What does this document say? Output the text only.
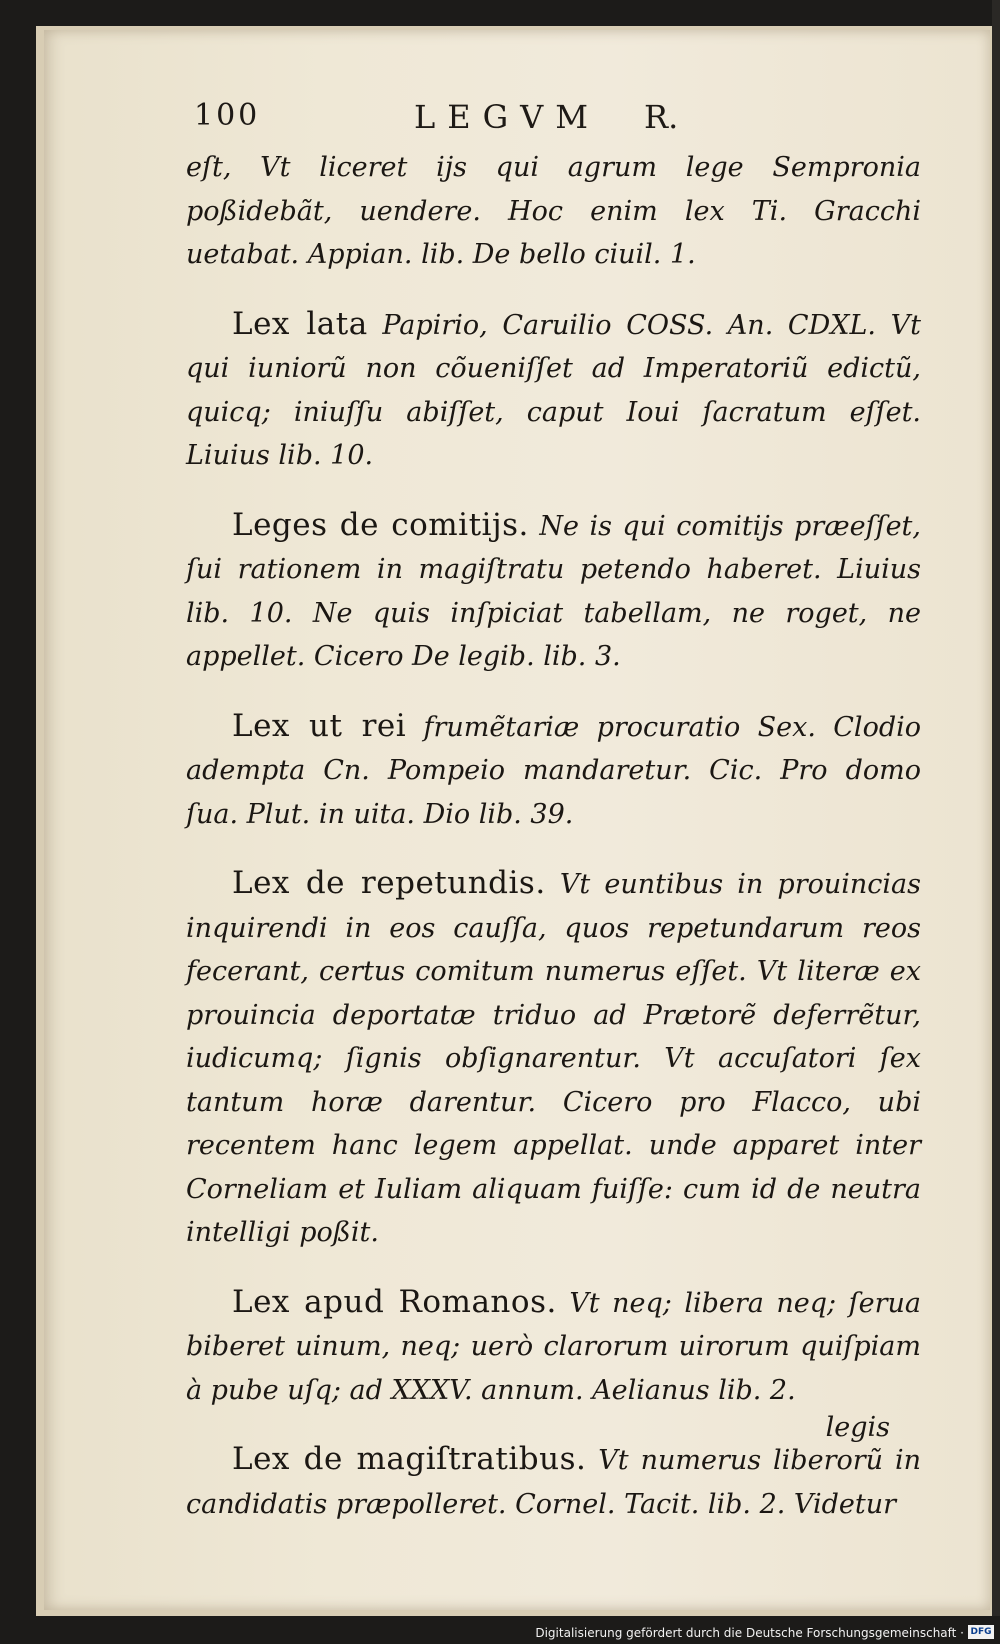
100	LEGVM R.

eſt, Vt liceret ijs qui agrum lege Sempronia poßidebãt, uendere. Hoc enim lex Ti. Gracchi uetabat. Appian. lib. De bello ciuil. 1.

Lex lata Papirio, Caruilio COSS. An. CDXL. Vt qui iuniorũ non cõueniſſet ad Imperatoriũ edictũ, quicq; iniuſſu abiſſet, caput Ioui ſacratum eſſet. Liuius lib. 10.

Leges de comitijs. Ne is qui comitijs præeſſet, ſui rationem in magiſtratu petendo haberet. Liuius lib. 10. Ne quis inſpiciat tabellam, ne roget, ne appellet. Cicero De legib. lib. 3.

Lex ut rei frumẽtariæ procuratio Sex. Clodio adempta Cn. Pompeio mandaretur. Cic. Pro domo ſua. Plut. in uita. Dio lib. 39.

Lex de repetundis. Vt euntibus in prouincias inquirendi in eos cauſſa, quos repetundarum reos fecerant, certus comitum numerus eſſet. Vt literæ ex prouincia deportatæ triduo ad Prætorẽ deferrẽtur, iudicumq; ſignis obſignarentur. Vt accuſatori ſex tantum horæ darentur. Cicero pro Flacco, ubi recentem hanc legem appellat. unde apparet inter Corneliam et Iuliam aliquam fuiſſe: cum id de neutra intelligi poßit.

Lex apud Romanos. Vt neq; libera neq; ſerua biberet uinum, neq; uerò clarorum uirorum quiſpiam à pube uſq; ad XXXV. annum. Aelianus lib. 2.

Lex de magiſtratibus. Vt numerus liberorũ in candidatis præpolleret. Cornel. Tacit. lib. 2. Videtur

legis
Digitalisierung gefördert durch die Deutsche Forschungsgemeinschaft · DFG
